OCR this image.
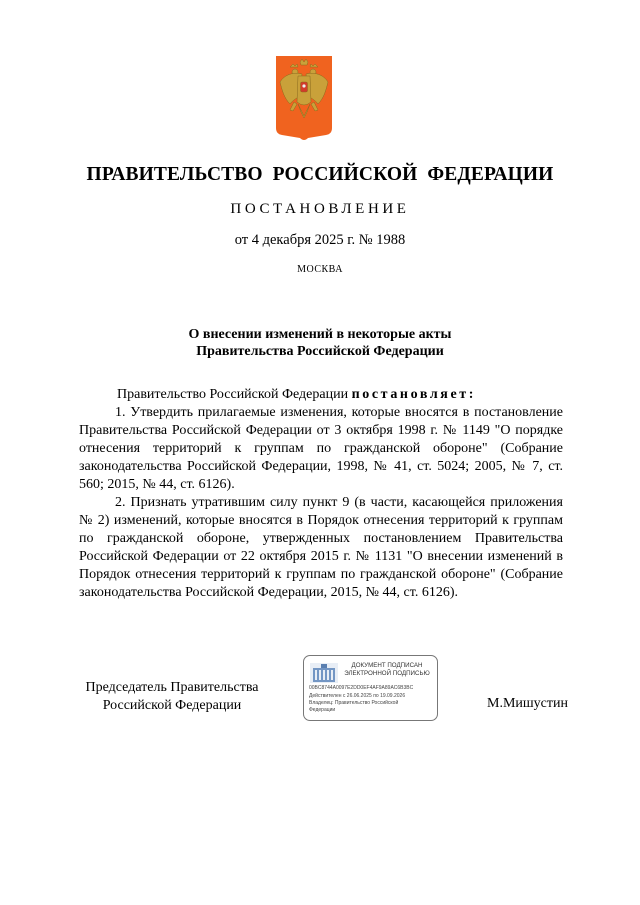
ПРАВИТЕЛЬСТВО РОССИЙСКОЙ ФЕДЕРАЦИИ
ПОСТАНОВЛЕНИЕ
от 4 декабря 2025 г. № 1988
МОСКВА
О внесении изменений в некоторые акты
Правительства Российской Федерации

Правительство Российской Федерации постановляет:

1. Утвердить прилагаемые изменения, которые вносятся в постановление Правительства Российской Федерации от 3 октября 1998 г. № 1149 "О порядке отнесения территорий к группам по гражданской обороне" (Собрание законодательства Российской Федерации, 1998, № 41, ст. 5024; 2005, № 7, ст. 560; 2015, № 44, ст. 6126).

2. Признать утратившим силу пункт 9 (в части, касающейся приложения № 2) изменений, которые вносятся в Порядок отнесения территорий к группам по гражданской обороне, утвержденных постановлением Правительства Российской Федерации от 22 октября 2015 г. № 1131 "О внесении изменений в Порядок отнесения территорий к группам по гражданской обороне" (Собрание законодательства Российской Федерации, 2015, № 44, ст. 6126).

Председатель Правительства
Российской Федерации
ДОКУМЕНТ ПОДПИСАН
ЭЛЕКТРОННОЙ ПОДПИСЬЮ
00BC8744A0097E2DD0EF4AF9A89AC6B3BC
Действителен с 26.06.2025 по 19.09.2026
Владелец: Правительство Российской
Федерации	М.Мишустин
